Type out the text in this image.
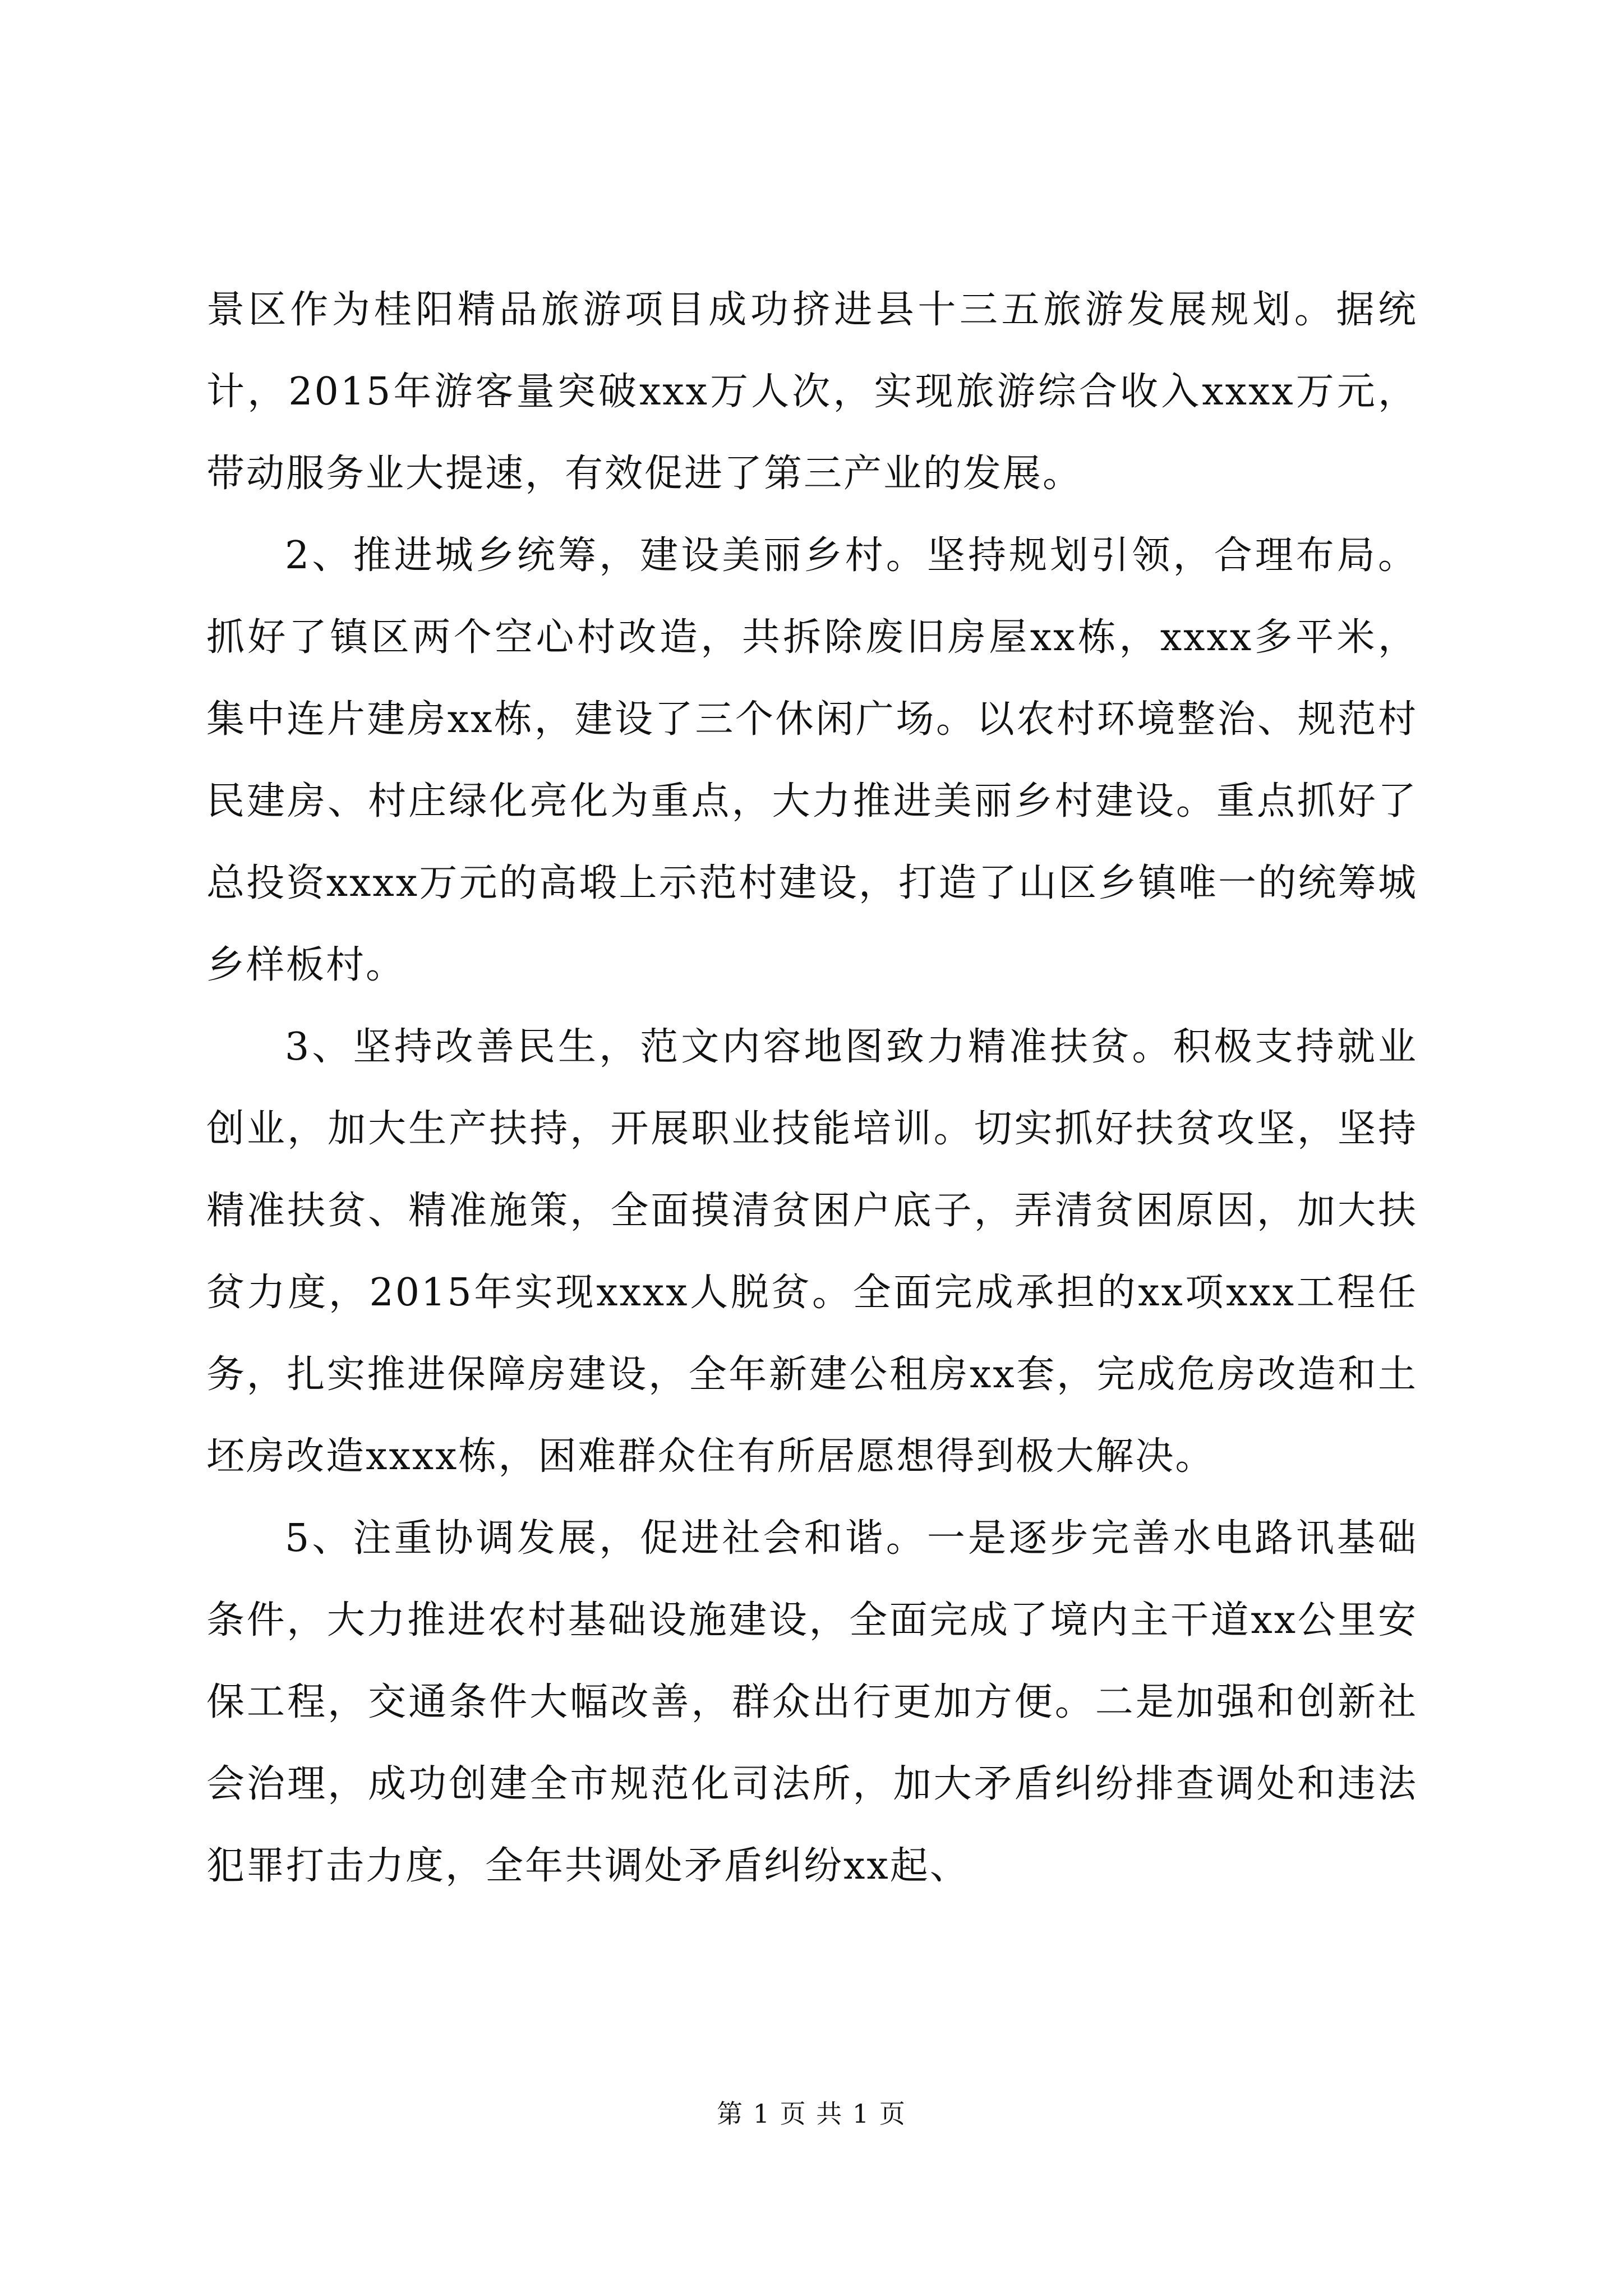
景区作为桂阳精品旅游项目成功挤进县十三五旅游发展规划。据统计，2015年游客量突破xxx万人次，实现旅游综合收入xxxx万元，带动服务业大提速，有效促进了第三产业的发展。

2、推进城乡统筹，建设美丽乡村。坚持规划引领，合理布局。抓好了镇区两个空心村改造，共拆除废旧房屋xx栋，xxxx多平米，集中连片建房xx栋，建设了三个休闲广场。以农村环境整治、规范村民建房、村庄绿化亮化为重点，大力推进美丽乡村建设。重点抓好了总投资xxxx万元的高塅上示范村建设，打造了山区乡镇唯一的统筹城乡样板村。

3、坚持改善民生，范文内容地图致力精准扶贫。积极支持就业创业，加大生产扶持，开展职业技能培训。切实抓好扶贫攻坚，坚持精准扶贫、精准施策，全面摸清贫困户底子，弄清贫困原因，加大扶贫力度，2015年实现xxxx人脱贫。全面完成承担的xx项xxx工程任务，扎实推进保障房建设，全年新建公租房xx套，完成危房改造和土坯房改造xxxx栋，困难群众住有所居愿想得到极大解决。

5、注重协调发展，促进社会和谐。一是逐步完善水电路讯基础条件，大力推进农村基础设施建设，全面完成了境内主干道xx公里安保工程，交通条件大幅改善，群众出行更加方便。二是加强和创新社会治理，成功创建全市规范化司法所，加大矛盾纠纷排查调处和违法犯罪打击力度，全年共调处矛盾纠纷xx起、

第 1 页 共 1 页
